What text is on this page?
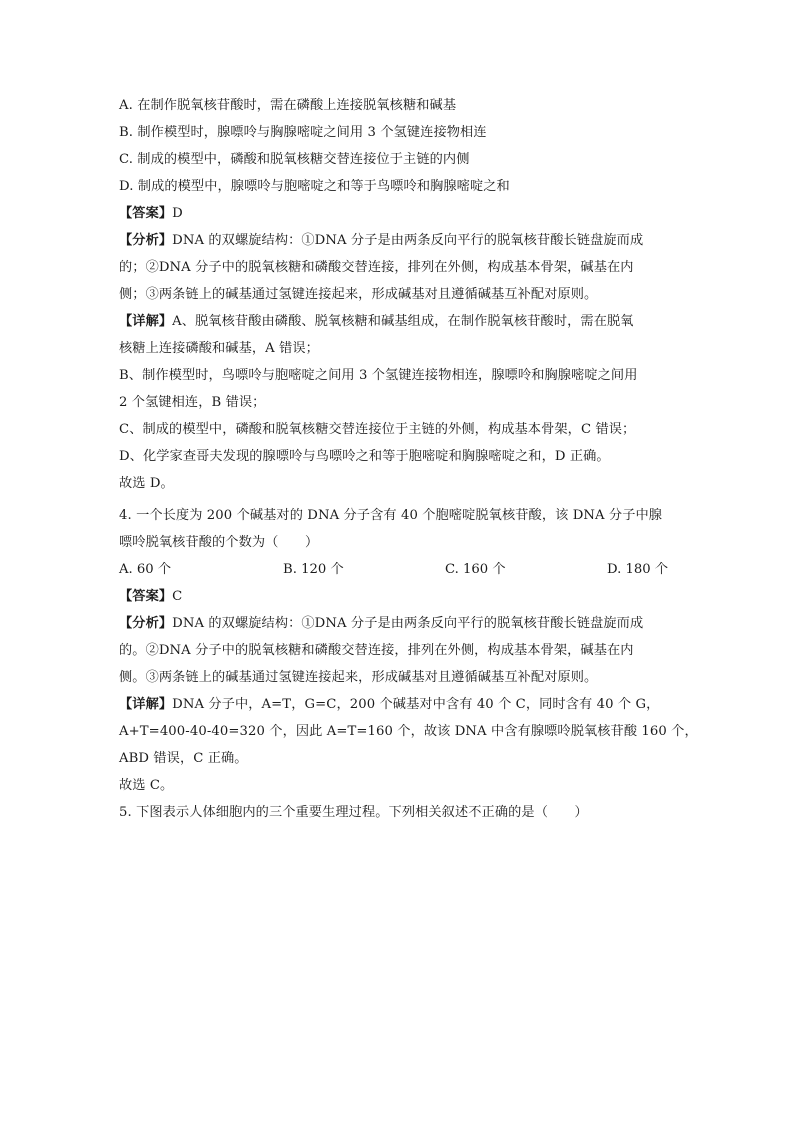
A. 在制作脱氧核苷酸时，需在磷酸上连接脱氧核糖和碱基
B. 制作模型时，腺嘌呤与胸腺嘧啶之间用 3 个氢键连接物相连
C. 制成的模型中，磷酸和脱氧核糖交替连接位于主链的内侧
D. 制成的模型中，腺嘌呤与胞嘧啶之和等于鸟嘌呤和胸腺嘧啶之和
【答案】D
【分析】DNA 的双螺旋结构：①DNA 分子是由两条反向平行的脱氧核苷酸长链盘旋而成
的；②DNA 分子中的脱氧核糖和磷酸交替连接，排列在外侧，构成基本骨架，碱基在内
侧；③两条链上的碱基通过氢键连接起来，形成碱基对且遵循碱基互补配对原则。
【详解】A、脱氧核苷酸由磷酸、脱氧核糖和碱基组成，在制作脱氧核苷酸时，需在脱氧
核糖上连接磷酸和碱基，A 错误；
B、制作模型时，鸟嘌呤与胞嘧啶之间用 3 个氢键连接物相连，腺嘌呤和胸腺嘧啶之间用
2 个氢键相连，B 错误；
C、制成的模型中，磷酸和脱氧核糖交替连接位于主链的外侧，构成基本骨架，C 错误；
D、化学家查哥夫发现的腺嘌呤与鸟嘌呤之和等于胞嘧啶和胸腺嘧啶之和，D 正确。
故选 D。
4. 一个长度为 200 个碱基对的 DNA 分子含有 40 个胞嘧啶脱氧核苷酸，该 DNA 分子中腺
嘌呤脱氧核苷酸的个数为（　　）
A. 60 个	B. 120 个	C. 160 个	D. 180 个
【答案】C
【分析】DNA 的双螺旋结构：①DNA 分子是由两条反向平行的脱氧核苷酸长链盘旋而成
的。②DNA 分子中的脱氧核糖和磷酸交替连接，排列在外侧，构成基本骨架，碱基在内
侧。③两条链上的碱基通过氢键连接起来，形成碱基对且遵循碱基互补配对原则。
【详解】DNA 分子中，A=T，G=C，200 个碱基对中含有 40 个 C，同时含有 40 个 G，
A+T=400-40-40=320 个，因此 A=T=160 个，故该 DNA 中含有腺嘌呤脱氧核苷酸 160 个，
ABD 错误，C 正确。
故选 C。
5. 下图表示人体细胞内的三个重要生理过程。下列相关叙述不正确的是（　　）
